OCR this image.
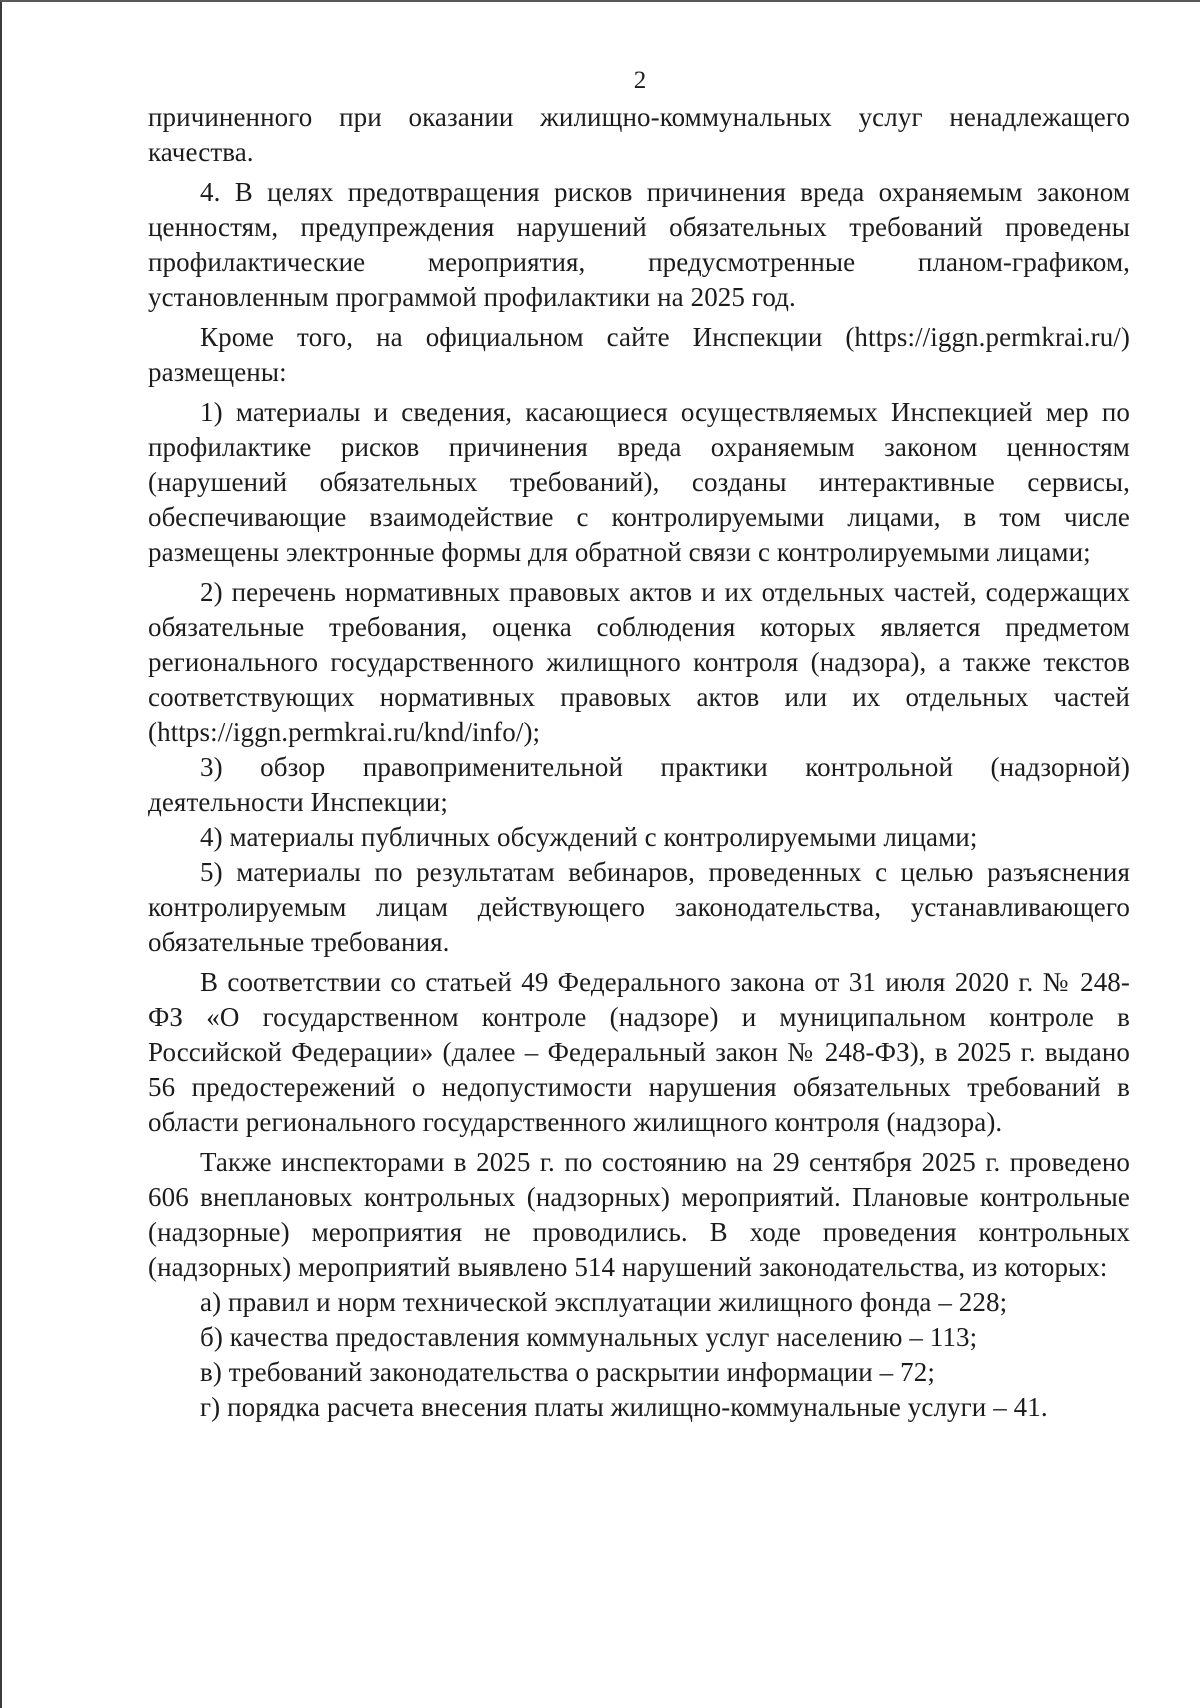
2

причиненного при оказании жилищно-коммунальных услуг ненадлежащего качества.

4. В целях предотвращения рисков причинения вреда охраняемым законом ценностям, предупреждения нарушений обязательных требований проведены профилактические мероприятия, предусмотренные планом-графиком, установленным программой профилактики на 2025 год.

Кроме того, на официальном сайте Инспекции (https://iggn.permkrai.ru/) размещены:

1) материалы и сведения, касающиеся осуществляемых Инспекцией мер по профилактике рисков причинения вреда охраняемым законом ценностям (нарушений обязательных требований), созданы интерактивные сервисы, обеспечивающие взаимодействие с контролируемыми лицами, в том числе размещены электронные формы для обратной связи с контролируемыми лицами;

2) перечень нормативных правовых актов и их отдельных частей, содержащих обязательные требования, оценка соблюдения которых является предметом регионального государственного жилищного контроля (надзора), а также текстов соответствующих нормативных правовых актов или их отдельных частей (https://iggn.permkrai.ru/knd/info/);

3) обзор правоприменительной практики контрольной (надзорной) деятельности Инспекции;

4) материалы публичных обсуждений с контролируемыми лицами;

5) материалы по результатам вебинаров, проведенных с целью разъяснения контролируемым лицам действующего законодательства, устанавливающего обязательные требования.

В соответствии со статьей 49 Федерального закона от 31 июля 2020 г. № 248-ФЗ «О государственном контроле (надзоре) и муниципальном контроле в Российской Федерации» (далее – Федеральный закон № 248-ФЗ), в 2025 г. выдано 56 предостережений о недопустимости нарушения обязательных требований в области регионального государственного жилищного контроля (надзора).

Также инспекторами в 2025 г. по состоянию на 29 сентября 2025 г. проведено 606 внеплановых контрольных (надзорных) мероприятий. Плановые контрольные (надзорные) мероприятия не проводились. В ходе проведения контрольных (надзорных) мероприятий выявлено 514 нарушений законодательства, из которых:

а) правил и норм технической эксплуатации жилищного фонда – 228;

б) качества предоставления коммунальных услуг населению – 113;

в) требований законодательства о раскрытии информации – 72;

г) порядка расчета внесения платы жилищно-коммунальные услуги – 41.
